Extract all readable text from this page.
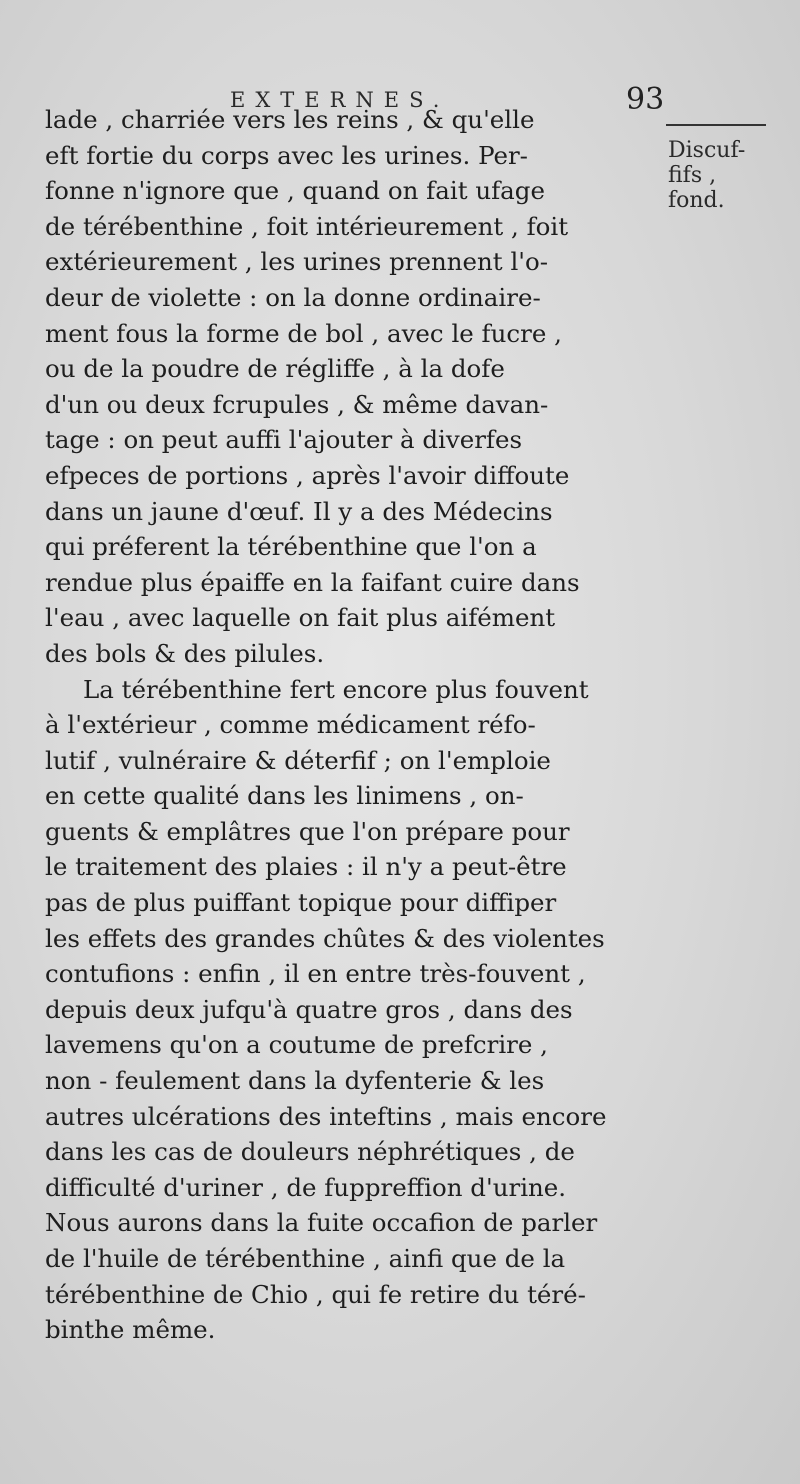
EXTERNES.	93
Discuf-
fifs ,
fond.
lade , charriée vers les reins , & qu'elle
eft fortie du corps avec les urines. Per-
fonne n'ignore que , quand on fait ufage
de térébenthine , foit intérieurement , foit
extérieurement , les urines prennent l'o-
deur de violette : on la donne ordinaire-
ment fous la forme de bol , avec le fucre ,
ou de la poudre de régliffe , à la dofe
d'un ou deux fcrupules , & même davan-
tage : on peut auffi l'ajouter à diverfes
efpeces de portions , après l'avoir diffoute
dans un jaune d'œuf. Il y a des Médecins
qui préferent la térébenthine que l'on a
rendue plus épaiffe en la faifant cuire dans
l'eau , avec laquelle on fait plus aifément
des bols & des pilules.
La térébenthine fert encore plus fouvent
à l'extérieur , comme médicament réfo-
lutif , vulnéraire & déterfif ; on l'emploie
en cette qualité dans les linimens , on-
guents & emplâtres que l'on prépare pour
le traitement des plaies : il n'y a peut-être
pas de plus puiffant topique pour diffiper
les effets des grandes chûtes & des violentes
contufions : enfin , il en entre très-fouvent ,
depuis deux jufqu'à quatre gros , dans des
lavemens qu'on a coutume de prefcrire ,
non - feulement dans la dyfenterie & les
autres ulcérations des inteftins , mais encore
dans les cas de douleurs néphrétiques , de
difficulté d'uriner , de fuppreffion d'urine.
Nous aurons dans la fuite occafion de parler
de l'huile de térébenthine , ainfi que de la
térébenthine de Chio , qui fe retire du téré-
binthe même.
